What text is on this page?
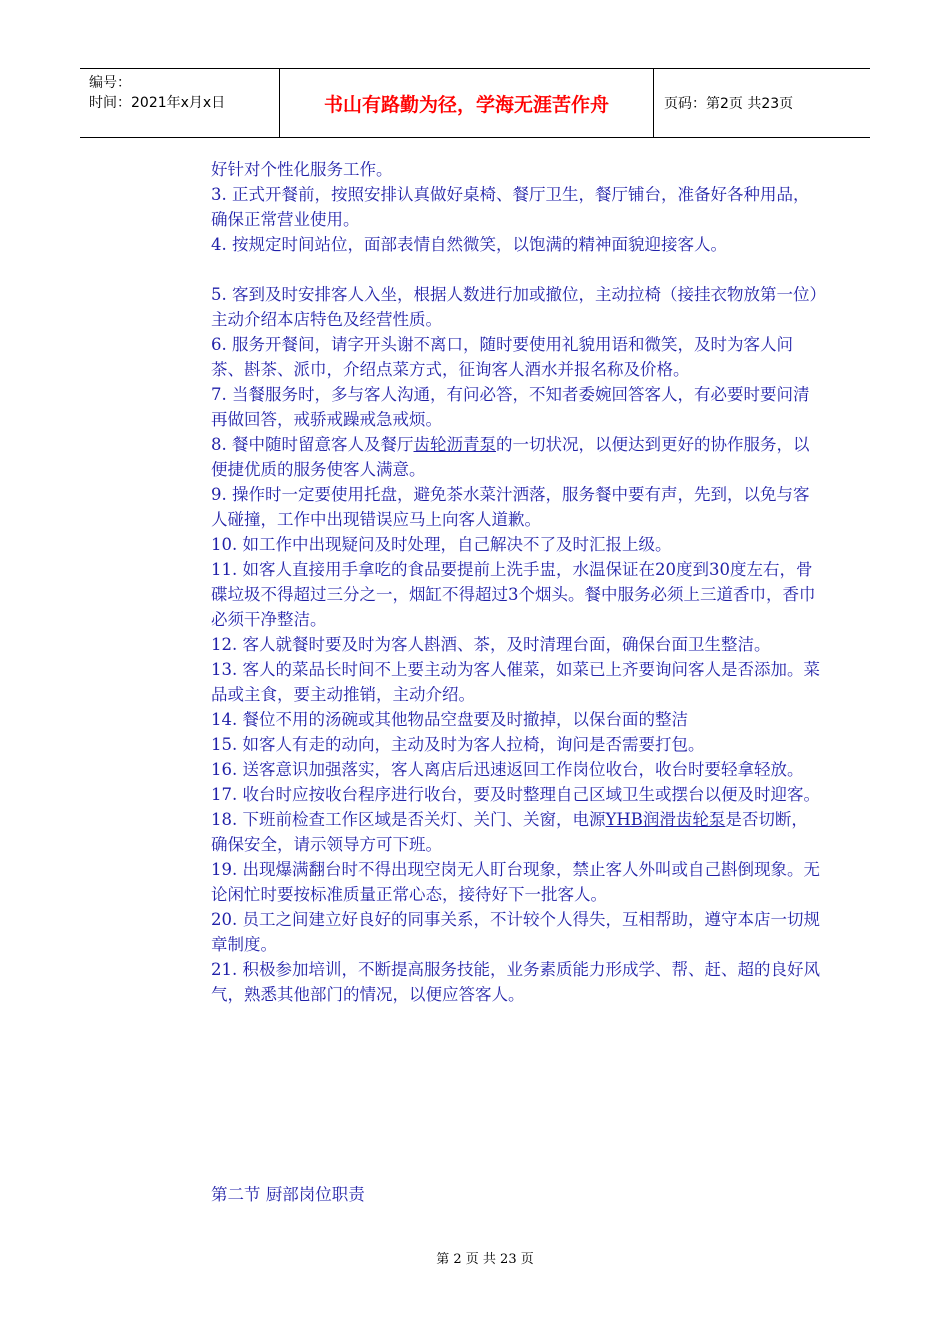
编号：
时间：2021年x月x日	书山有路勤为径，学海无涯苦作舟	页码：第2页 共23页

好针对个性化服务工作。

3. 正式开餐前，按照安排认真做好桌椅、餐厅卫生，餐厅铺台，准备好各种用品，确保正常营业使用。

4. 按规定时间站位，面部表情自然微笑，以饱满的精神面貌迎接客人。

5. 客到及时安排客人入坐，根据人数进行加或撤位，主动拉椅（接挂衣物放第一位）主动介绍本店特色及经营性质。

6. 服务开餐间，请字开头谢不离口，随时要使用礼貌用语和微笑，及时为客人问茶、斟茶、派巾，介绍点菜方式，征询客人酒水并报名称及价格。

7. 当餐服务时，多与客人沟通，有问必答，不知者委婉回答客人，有必要时要问清再做回答，戒骄戒躁戒急戒烦。

8. 餐中随时留意客人及餐厅齿轮沥青泵的一切状况，以便达到更好的协作服务，以便捷优质的服务使客人满意。

9. 操作时一定要使用托盘，避免茶水菜汁洒落，服务餐中要有声，先到，以免与客人碰撞，工作中出现错误应马上向客人道歉。

10. 如工作中出现疑问及时处理，自己解决不了及时汇报上级。

11. 如客人直接用手拿吃的食品要提前上洗手盅，水温保证在20度到30度左右，骨碟垃圾不得超过三分之一，烟缸不得超过3个烟头。餐中服务必须上三道香巾，香巾必须干净整洁。

12. 客人就餐时要及时为客人斟酒、茶，及时清理台面，确保台面卫生整洁。

13. 客人的菜品长时间不上要主动为客人催菜，如菜已上齐要询问客人是否添加。菜品或主食，要主动推销，主动介绍。

14. 餐位不用的汤碗或其他物品空盘要及时撤掉，以保台面的整洁

15. 如客人有走的动向，主动及时为客人拉椅，询问是否需要打包。

16. 送客意识加强落实，客人离店后迅速返回工作岗位收台，收台时要轻拿轻放。

17. 收台时应按收台程序进行收台，要及时整理自己区域卫生或摆台以便及时迎客。

18. 下班前检查工作区域是否关灯、关门、关窗，电源YHB润滑齿轮泵是否切断，确保安全，请示领导方可下班。

19. 出现爆满翻台时不得出现空岗无人盯台现象，禁止客人外叫或自己斟倒现象。无论闲忙时要按标准质量正常心态，接待好下一批客人。

20. 员工之间建立好良好的同事关系，不计较个人得失，互相帮助，遵守本店一切规章制度。

21. 积极参加培训，不断提高服务技能，业务素质能力形成学、帮、赶、超的良好风气，熟悉其他部门的情况，以便应答客人。

第二节 厨部岗位职责
第 2 页 共 23 页
